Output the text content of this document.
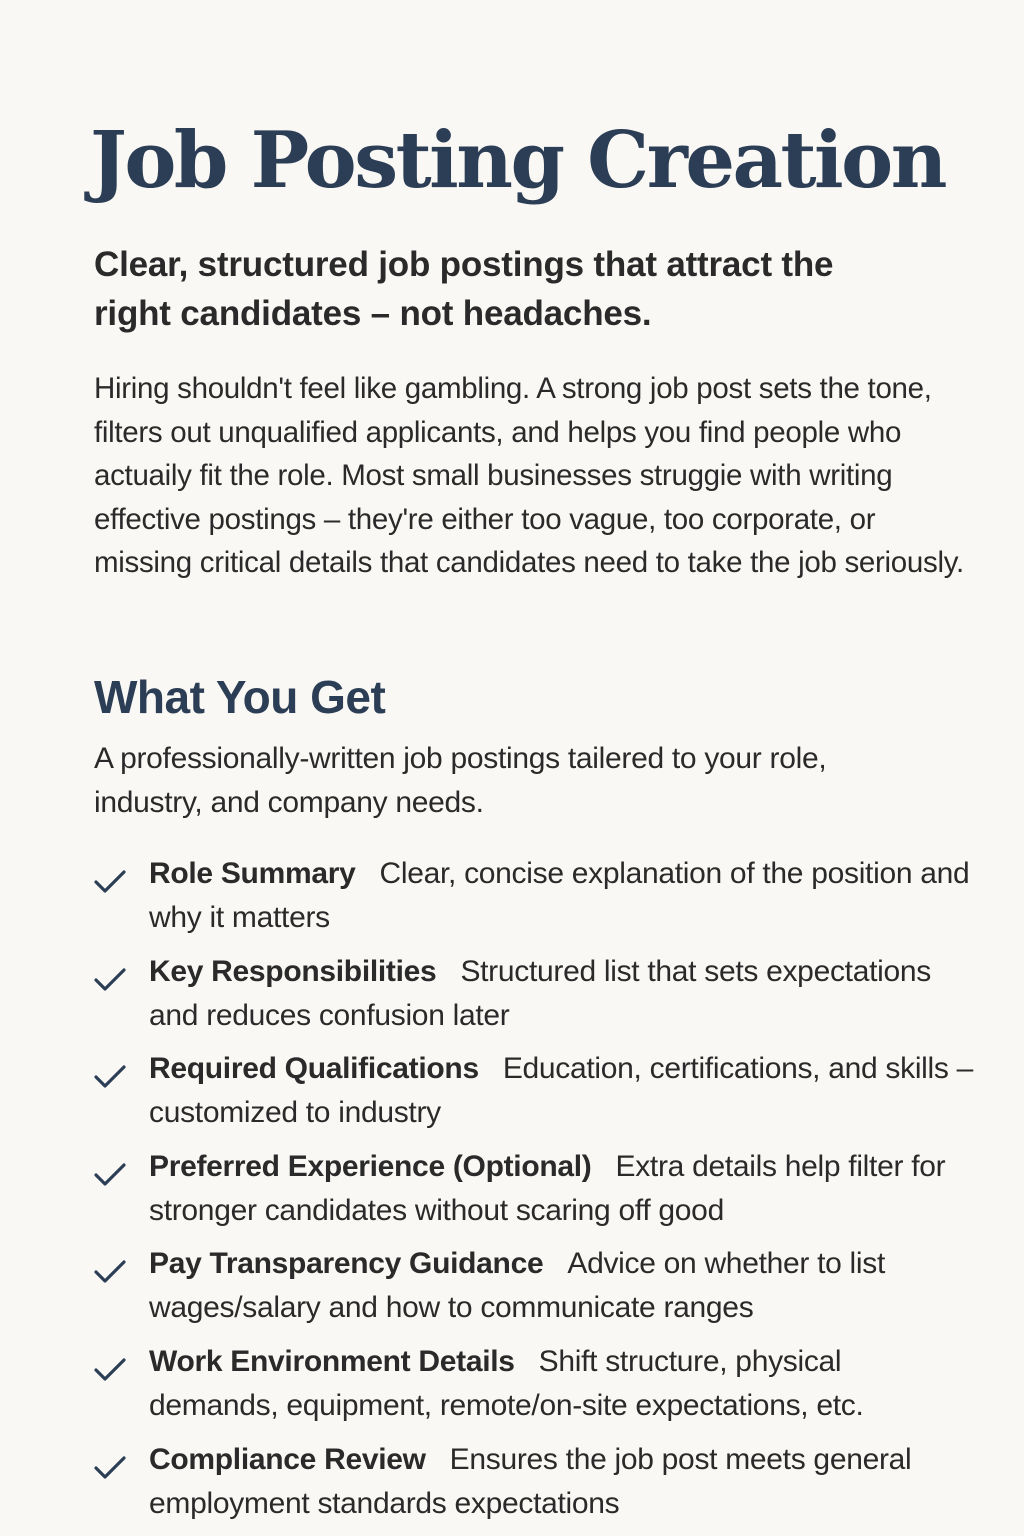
Job Posting Creation

Clear, structured job postings that attract the right candidates – not headaches.

Hiring shouldn't feel like gambling. A strong job post sets the tone, filters out unqualified applicants, and helps you find people who actuaily fit the role. Most small businesses struggie with writing effective postings – they're either too vague, too corporate, or missing critical details that candidates need to take the job seriously.

What You Get

A professionally-written job postings tailered to your role, industry, and company needs.

Role Summary Clear, concise explanation of the position and why it matters
Key Responsibilities Structured list that sets expectations and reduces confusion later
Required Qualifications Education, certifications, and skills –customized to industry
Preferred Experience (Optional) Extra details help filter for stronger candidates without scaring off good
Pay Transparency Guidance Advice on whether to list wages/salary and how to communicate ranges
Work Environment Details Shift structure, physical demands, equipment, remote/on-site expectations, etc.
Compliance Review Ensures the job post meets general employment standards expectations
